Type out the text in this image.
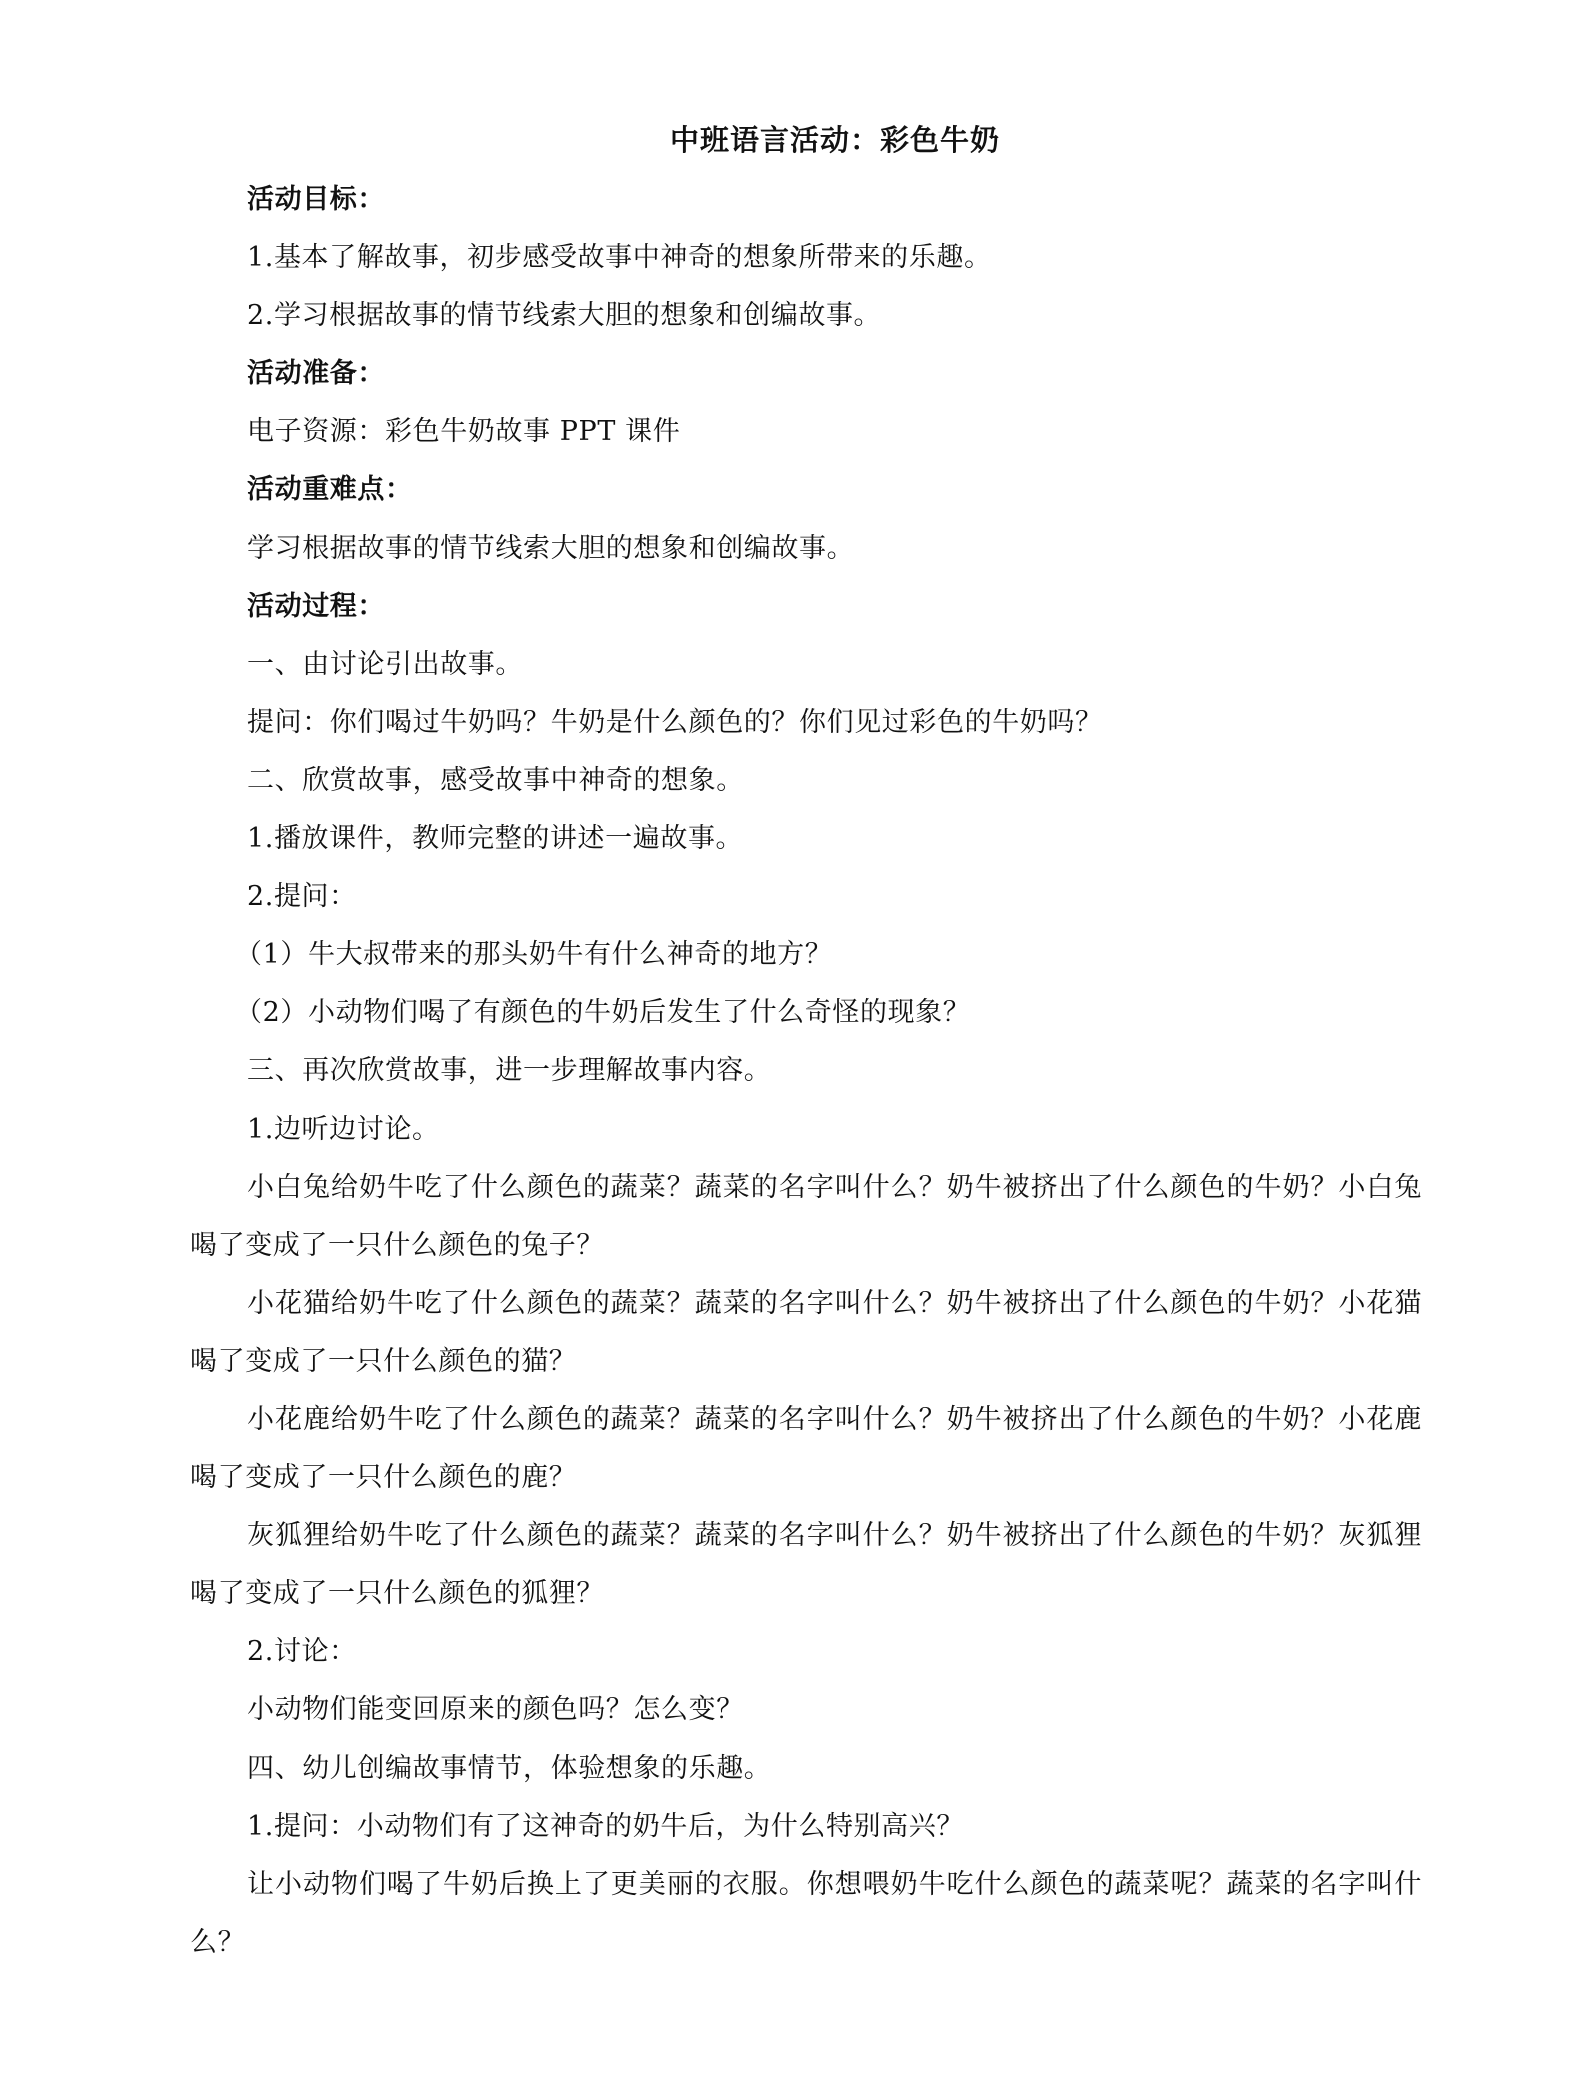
中班语言活动：彩色牛奶

活动目标：

1.基本了解故事，初步感受故事中神奇的想象所带来的乐趣。

2.学习根据故事的情节线索大胆的想象和创编故事。

活动准备：

电子资源：彩色牛奶故事 PPT 课件

活动重难点：

学习根据故事的情节线索大胆的想象和创编故事。

活动过程：

一、由讨论引出故事。

提问：你们喝过牛奶吗？牛奶是什么颜色的？你们见过彩色的牛奶吗？

二、欣赏故事，感受故事中神奇的想象。

1.播放课件，教师完整的讲述一遍故事。

2.提问：

（1）牛大叔带来的那头奶牛有什么神奇的地方？

（2）小动物们喝了有颜色的牛奶后发生了什么奇怪的现象？

三、再次欣赏故事，进一步理解故事内容。

1.边听边讨论。

小白兔给奶牛吃了什么颜色的蔬菜？蔬菜的名字叫什么？奶牛被挤出了什么颜色的牛奶？小白兔喝了变成了一只什么颜色的兔子？

小花猫给奶牛吃了什么颜色的蔬菜？蔬菜的名字叫什么？奶牛被挤出了什么颜色的牛奶？小花猫喝了变成了一只什么颜色的猫？

小花鹿给奶牛吃了什么颜色的蔬菜？蔬菜的名字叫什么？奶牛被挤出了什么颜色的牛奶？小花鹿喝了变成了一只什么颜色的鹿？

灰狐狸给奶牛吃了什么颜色的蔬菜？蔬菜的名字叫什么？奶牛被挤出了什么颜色的牛奶？灰狐狸喝了变成了一只什么颜色的狐狸？

2.讨论：

小动物们能变回原来的颜色吗？怎么变？

四、幼儿创编故事情节，体验想象的乐趣。

1.提问：小动物们有了这神奇的奶牛后，为什么特别高兴？

让小动物们喝了牛奶后换上了更美丽的衣服。你想喂奶牛吃什么颜色的蔬菜呢？蔬菜的名字叫什么？
